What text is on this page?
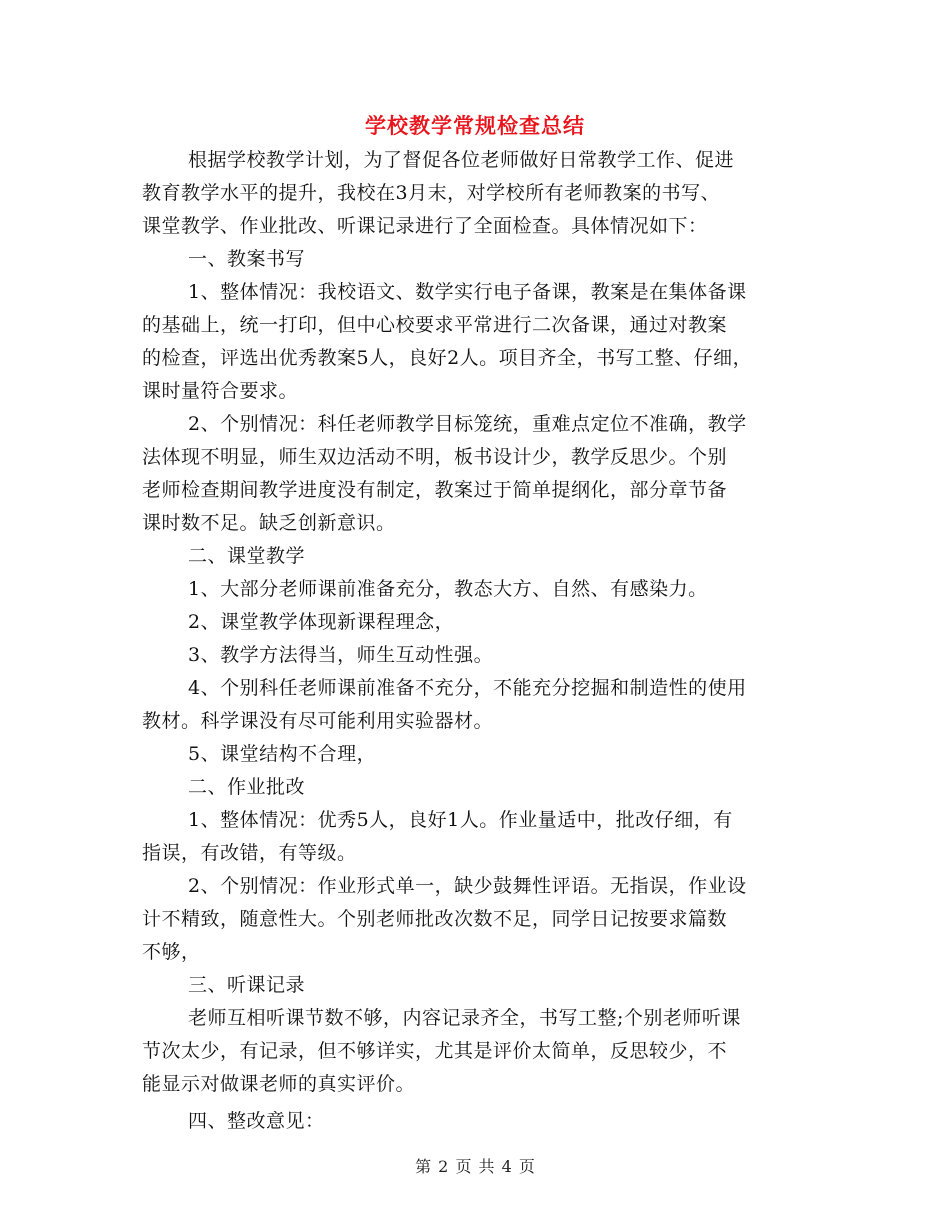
学校教学常规检查总结
根据学校教学计划，为了督促各位老师做好日常教学工作、促进
教育教学水平的提升，我校在3月末，对学校所有老师教案的书写、
课堂教学、作业批改、听课记录进行了全面检查。具体情况如下：
一、教案书写
1、整体情况：我校语文、数学实行电子备课，教案是在集体备课
的基础上，统一打印，但中心校要求平常进行二次备课，通过对教案
的检查，评选出优秀教案5人，良好2人。项目齐全，书写工整、仔细，
课时量符合要求。
2、个别情况：科任老师教学目标笼统，重难点定位不准确，教学
法体现不明显，师生双边活动不明，板书设计少，教学反思少。个别
老师检查期间教学进度没有制定，教案过于简单提纲化，部分章节备
课时数不足。缺乏创新意识。
二、课堂教学
1、大部分老师课前准备充分，教态大方、自然、有感染力。
2、课堂教学体现新课程理念，
3、教学方法得当，师生互动性强。
4、个别科任老师课前准备不充分，不能充分挖掘和制造性的使用
教材。科学课没有尽可能利用实验器材。
5、课堂结构不合理，
二、作业批改
1、整体情况：优秀5人，良好1人。作业量适中，批改仔细，有
指误，有改错，有等级。
2、个别情况：作业形式单一，缺少鼓舞性评语。无指误，作业设
计不精致，随意性大。个别老师批改次数不足，同学日记按要求篇数
不够，
三、听课记录
老师互相听课节数不够，内容记录齐全，书写工整;个别老师听课
节次太少，有记录，但不够详实，尤其是评价太简单，反思较少，不
能显示对做课老师的真实评价。
四、整改意见：
第 2 页 共 4 页
